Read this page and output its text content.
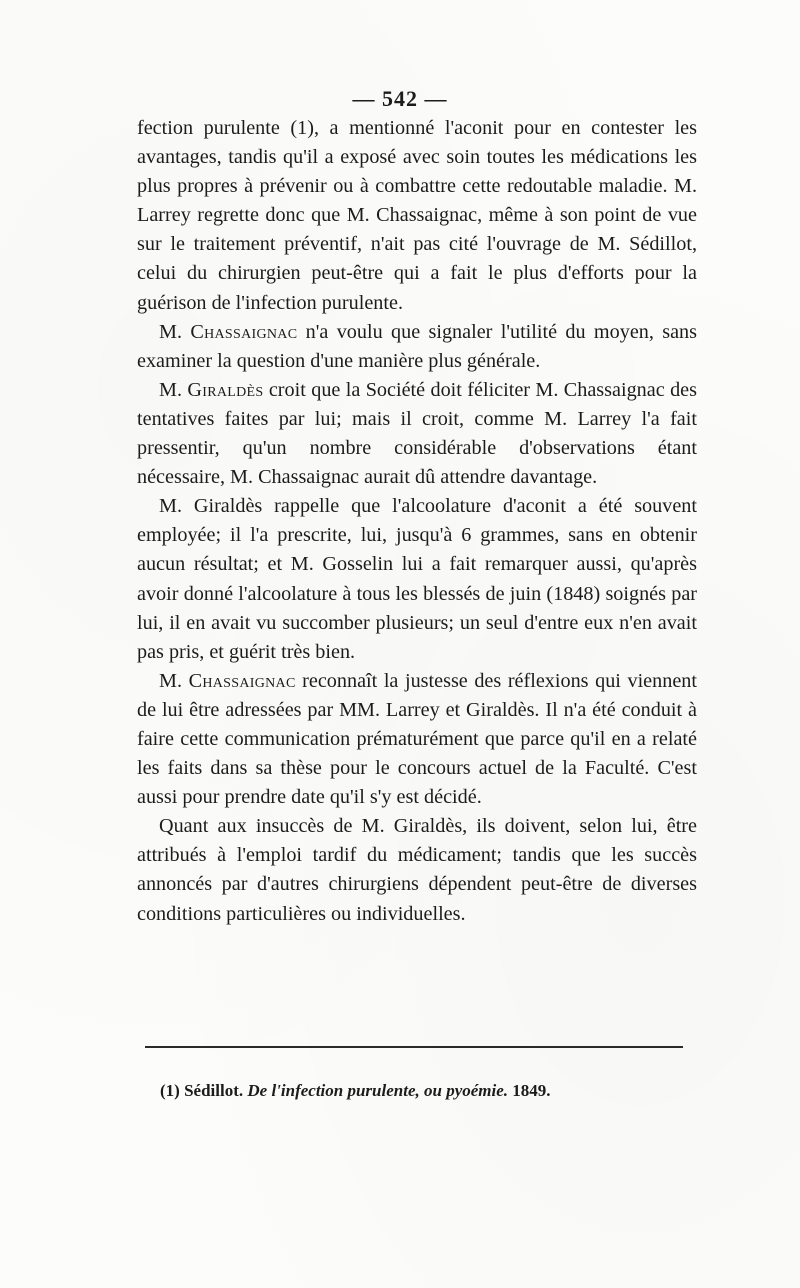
— 542 —

fection purulente (1), a mentionné l'aconit pour en contester les avantages, tandis qu'il a exposé avec soin toutes les médications les plus propres à prévenir ou à combattre cette redoutable maladie. M. Larrey regrette donc que M. Chassaignac, même à son point de vue sur le traitement préventif, n'ait pas cité l'ouvrage de M. Sédillot, celui du chirurgien peut-être qui a fait le plus d'efforts pour la guérison de l'infection purulente.

M. Chassaignac n'a voulu que signaler l'utilité du moyen, sans examiner la question d'une manière plus générale.

M. Giraldès croit que la Société doit féliciter M. Chassaignac des tentatives faites par lui; mais il croit, comme M. Larrey l'a fait pressentir, qu'un nombre considérable d'observations étant nécessaire, M. Chassaignac aurait dû attendre davantage.

M. Giraldès rappelle que l'alcoolature d'aconit a été souvent employée; il l'a prescrite, lui, jusqu'à 6 grammes, sans en obtenir aucun résultat; et M. Gosselin lui a fait remarquer aussi, qu'après avoir donné l'alcoolature à tous les blessés de juin (1848) soignés par lui, il en avait vu succomber plusieurs; un seul d'entre eux n'en avait pas pris, et guérit très bien.

M. Chassaignac reconnaît la justesse des réflexions qui viennent de lui être adressées par MM. Larrey et Giraldès. Il n'a été conduit à faire cette communication prématurément que parce qu'il en a relaté les faits dans sa thèse pour le concours actuel de la Faculté. C'est aussi pour prendre date qu'il s'y est décidé.

Quant aux insuccès de M. Giraldès, ils doivent, selon lui, être attribués à l'emploi tardif du médicament; tandis que les succès annoncés par d'autres chirurgiens dépendent peut-être de diverses conditions particulières ou individuelles.

(1) Sédillot. De l'infection purulente, ou pyoémie. 1849.
